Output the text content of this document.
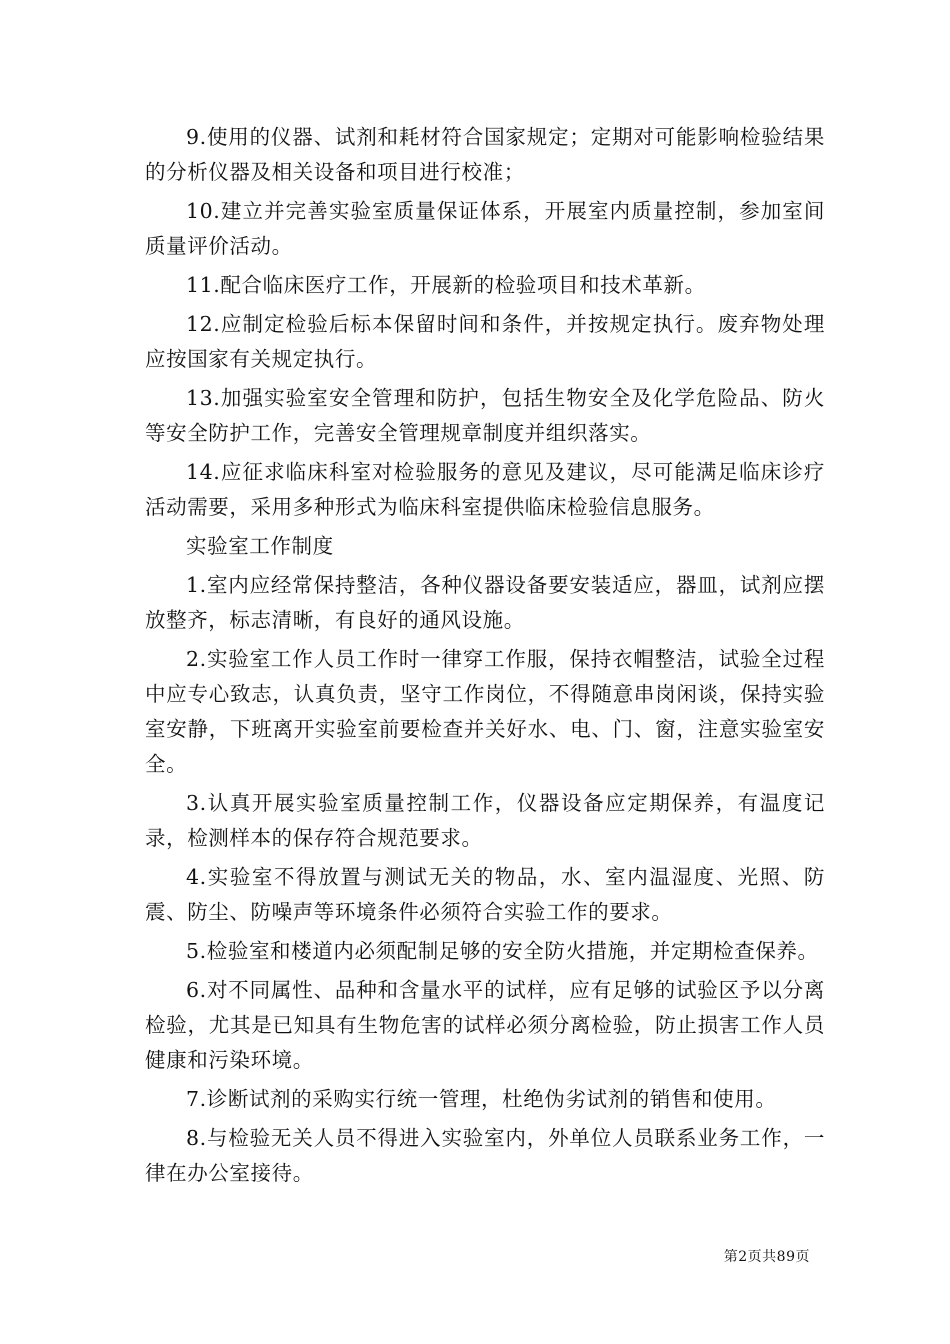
9.使用的仪器、试剂和耗材符合国家规定；定期对可能影响检验结果的分析仪器及相关设备和项目进行校准；

10.建立并完善实验室质量保证体系，开展室内质量控制，参加室间质量评价活动。

11.配合临床医疗工作，开展新的检验项目和技术革新。

12.应制定检验后标本保留时间和条件，并按规定执行。废弃物处理应按国家有关规定执行。

13.加强实验室安全管理和防护，包括生物安全及化学危险品、防火等安全防护工作，完善安全管理规章制度并组织落实。

14.应征求临床科室对检验服务的意见及建议，尽可能满足临床诊疗活动需要，采用多种形式为临床科室提供临床检验信息服务。

实验室工作制度

1.室内应经常保持整洁，各种仪器设备要安装适应，器皿，试剂应摆放整齐，标志清晰，有良好的通风设施。

2.实验室工作人员工作时一律穿工作服，保持衣帽整洁，试验全过程中应专心致志，认真负责，坚守工作岗位，不得随意串岗闲谈，保持实验室安静，下班离开实验室前要检查并关好水、电、门、窗，注意实验室安全。

3.认真开展实验室质量控制工作，仪器设备应定期保养，有温度记录，检测样本的保存符合规范要求。

4.实验室不得放置与测试无关的物品，水、室内温湿度、光照、防震、防尘、防噪声等环境条件必须符合实验工作的要求。

5.检验室和楼道内必须配制足够的安全防火措施，并定期检查保养。

6.对不同属性、品种和含量水平的试样，应有足够的试验区予以分离检验，尤其是已知具有生物危害的试样必须分离检验，防止损害工作人员健康和污染环境。

7.诊断试剂的采购实行统一管理，杜绝伪劣试剂的销售和使用。

8.与检验无关人员不得进入实验室内，外单位人员联系业务工作，一律在办公室接待。

第2页共89页
